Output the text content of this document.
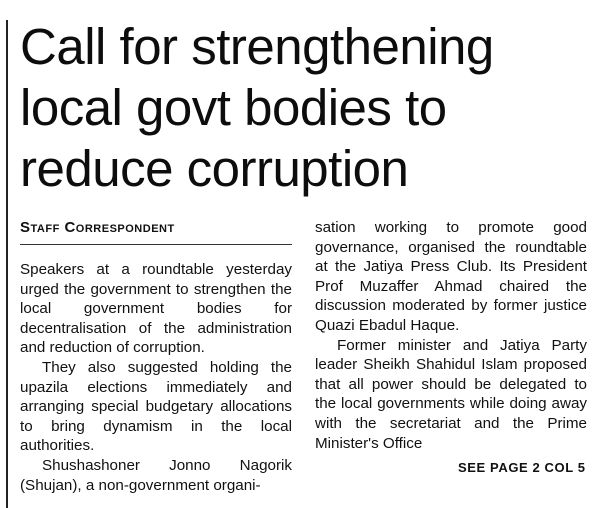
Call for strengthening
local govt bodies to
reduce corruption
Staff Correspondent

Speakers at a roundtable yesterday urged the government to strengthen the local government bodies for decentralisation of the administration and reduction of corruption.

They also suggested holding the upazila elections immediately and arranging special budgetary allocations to bring dynamism in the local authorities.

Shushashoner Jonno Nagorik (Shujan), a non-government organi-

sation working to promote good governance, organised the roundtable at the Jatiya Press Club. Its President Prof Muzaffer Ahmad chaired the discussion moderated by former justice Quazi Ebadul Haque.

Former minister and Jatiya Party leader Sheikh Shahidul Islam proposed that all power should be delegated to the local governments while doing away with the secretariat and the Prime Minister's Office

SEE PAGE 2 COL 5
